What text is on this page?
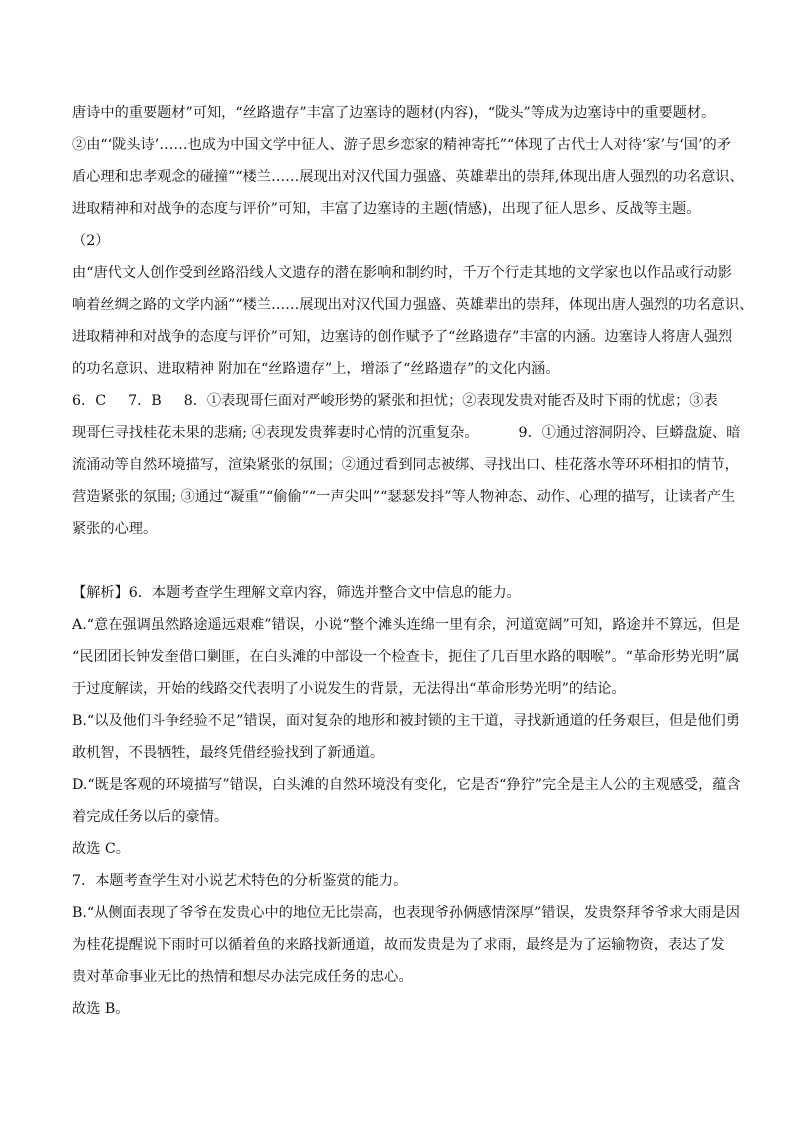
唐诗中的重要题材”可知，“丝路遗存”丰富了边塞诗的题材(内容)，“陇头”等成为边塞诗中的重要题材。
②由“‘陇头诗’……也成为中国文学中征人、游子思乡恋家的精神寄托”“体现了古代士人对待‘家’与‘国’的矛
盾心理和忠孝观念的碰撞”“楼兰……展现出对汉代国力强盛、英雄辈出的崇拜,体现出唐人强烈的功名意识、
进取精神和对战争的态度与评价”可知，丰富了边塞诗的主题(情感)，出现了征人思乡、反战等主题。
（2）
由“唐代文人创作受到丝路沿线人文遗存的潜在影响和制约时，千万个行走其地的文学家也以作品或行动影
响着丝绸之路的文学内涵”“楼兰……展现出对汉代国力强盛、英雄辈出的崇拜，体现出唐人强烈的功名意识、
进取精神和对战争的态度与评价”可知，边塞诗的创作赋予了“丝路遗存”丰富的内涵。边塞诗人将唐人强烈
的功名意识、进取精神 附加在“丝路遗存”上，增添了“丝路遗存”的文化内涵。
6．C 7．B 8．①表现哥仨面对严峻形势的紧张和担忧；②表现发贵对能否及时下雨的忧虑；③表
现哥仨寻找桂花未果的悲痛; ④表现发贵葬妻时心情的沉重复杂。	9．①通过溶洞阴冷、巨蟒盘旋、暗
流涌动等自然环境描写，渲染紧张的氛围；②通过看到同志被绑、寻找出口、桂花落水等环环相扣的情节，
营造紧张的氛围; ③通过“凝重”“偷偷”“一声尖叫”“瑟瑟发抖”等人物神态、动作、心理的描写，让读者产生
紧张的心理。
【解析】6．本题考查学生理解文章内容，筛选并整合文中信息的能力。
A.“意在强调虽然路途遥远艰难”错误，小说“整个滩头连绵一里有余，河道宽阔”可知，路途并不算远，但是
“民团团长钟发奎借口剿匪，在白头滩的中部设一个检查卡，扼住了几百里水路的咽喉”。“革命形势光明”属
于过度解读，开始的线路交代表明了小说发生的背景，无法得出“革命形势光明”的结论。
B.“以及他们斗争经验不足”错误，面对复杂的地形和被封锁的主干道，寻找新通道的任务艰巨，但是他们勇
敢机智，不畏牺牲，最终凭借经验找到了新通道。
D.“既是客观的环境描写”错误，白头滩的自然环境没有变化，它是否“狰狞”完全是主人公的主观感受，蕴含
着完成任务以后的豪情。
故选 C。
7．本题考查学生对小说艺术特色的分析鉴赏的能力。
B.“从侧面表现了爷爷在发贵心中的地位无比崇高，也表现爷孙俩感情深厚”错误，发贵祭拜爷爷求大雨是因
为桂花提醒说下雨时可以循着鱼的来路找新通道，故而发贵是为了求雨，最终是为了运输物资，表达了发
贵对革命事业无比的热情和想尽办法完成任务的忠心。
故选 B。
